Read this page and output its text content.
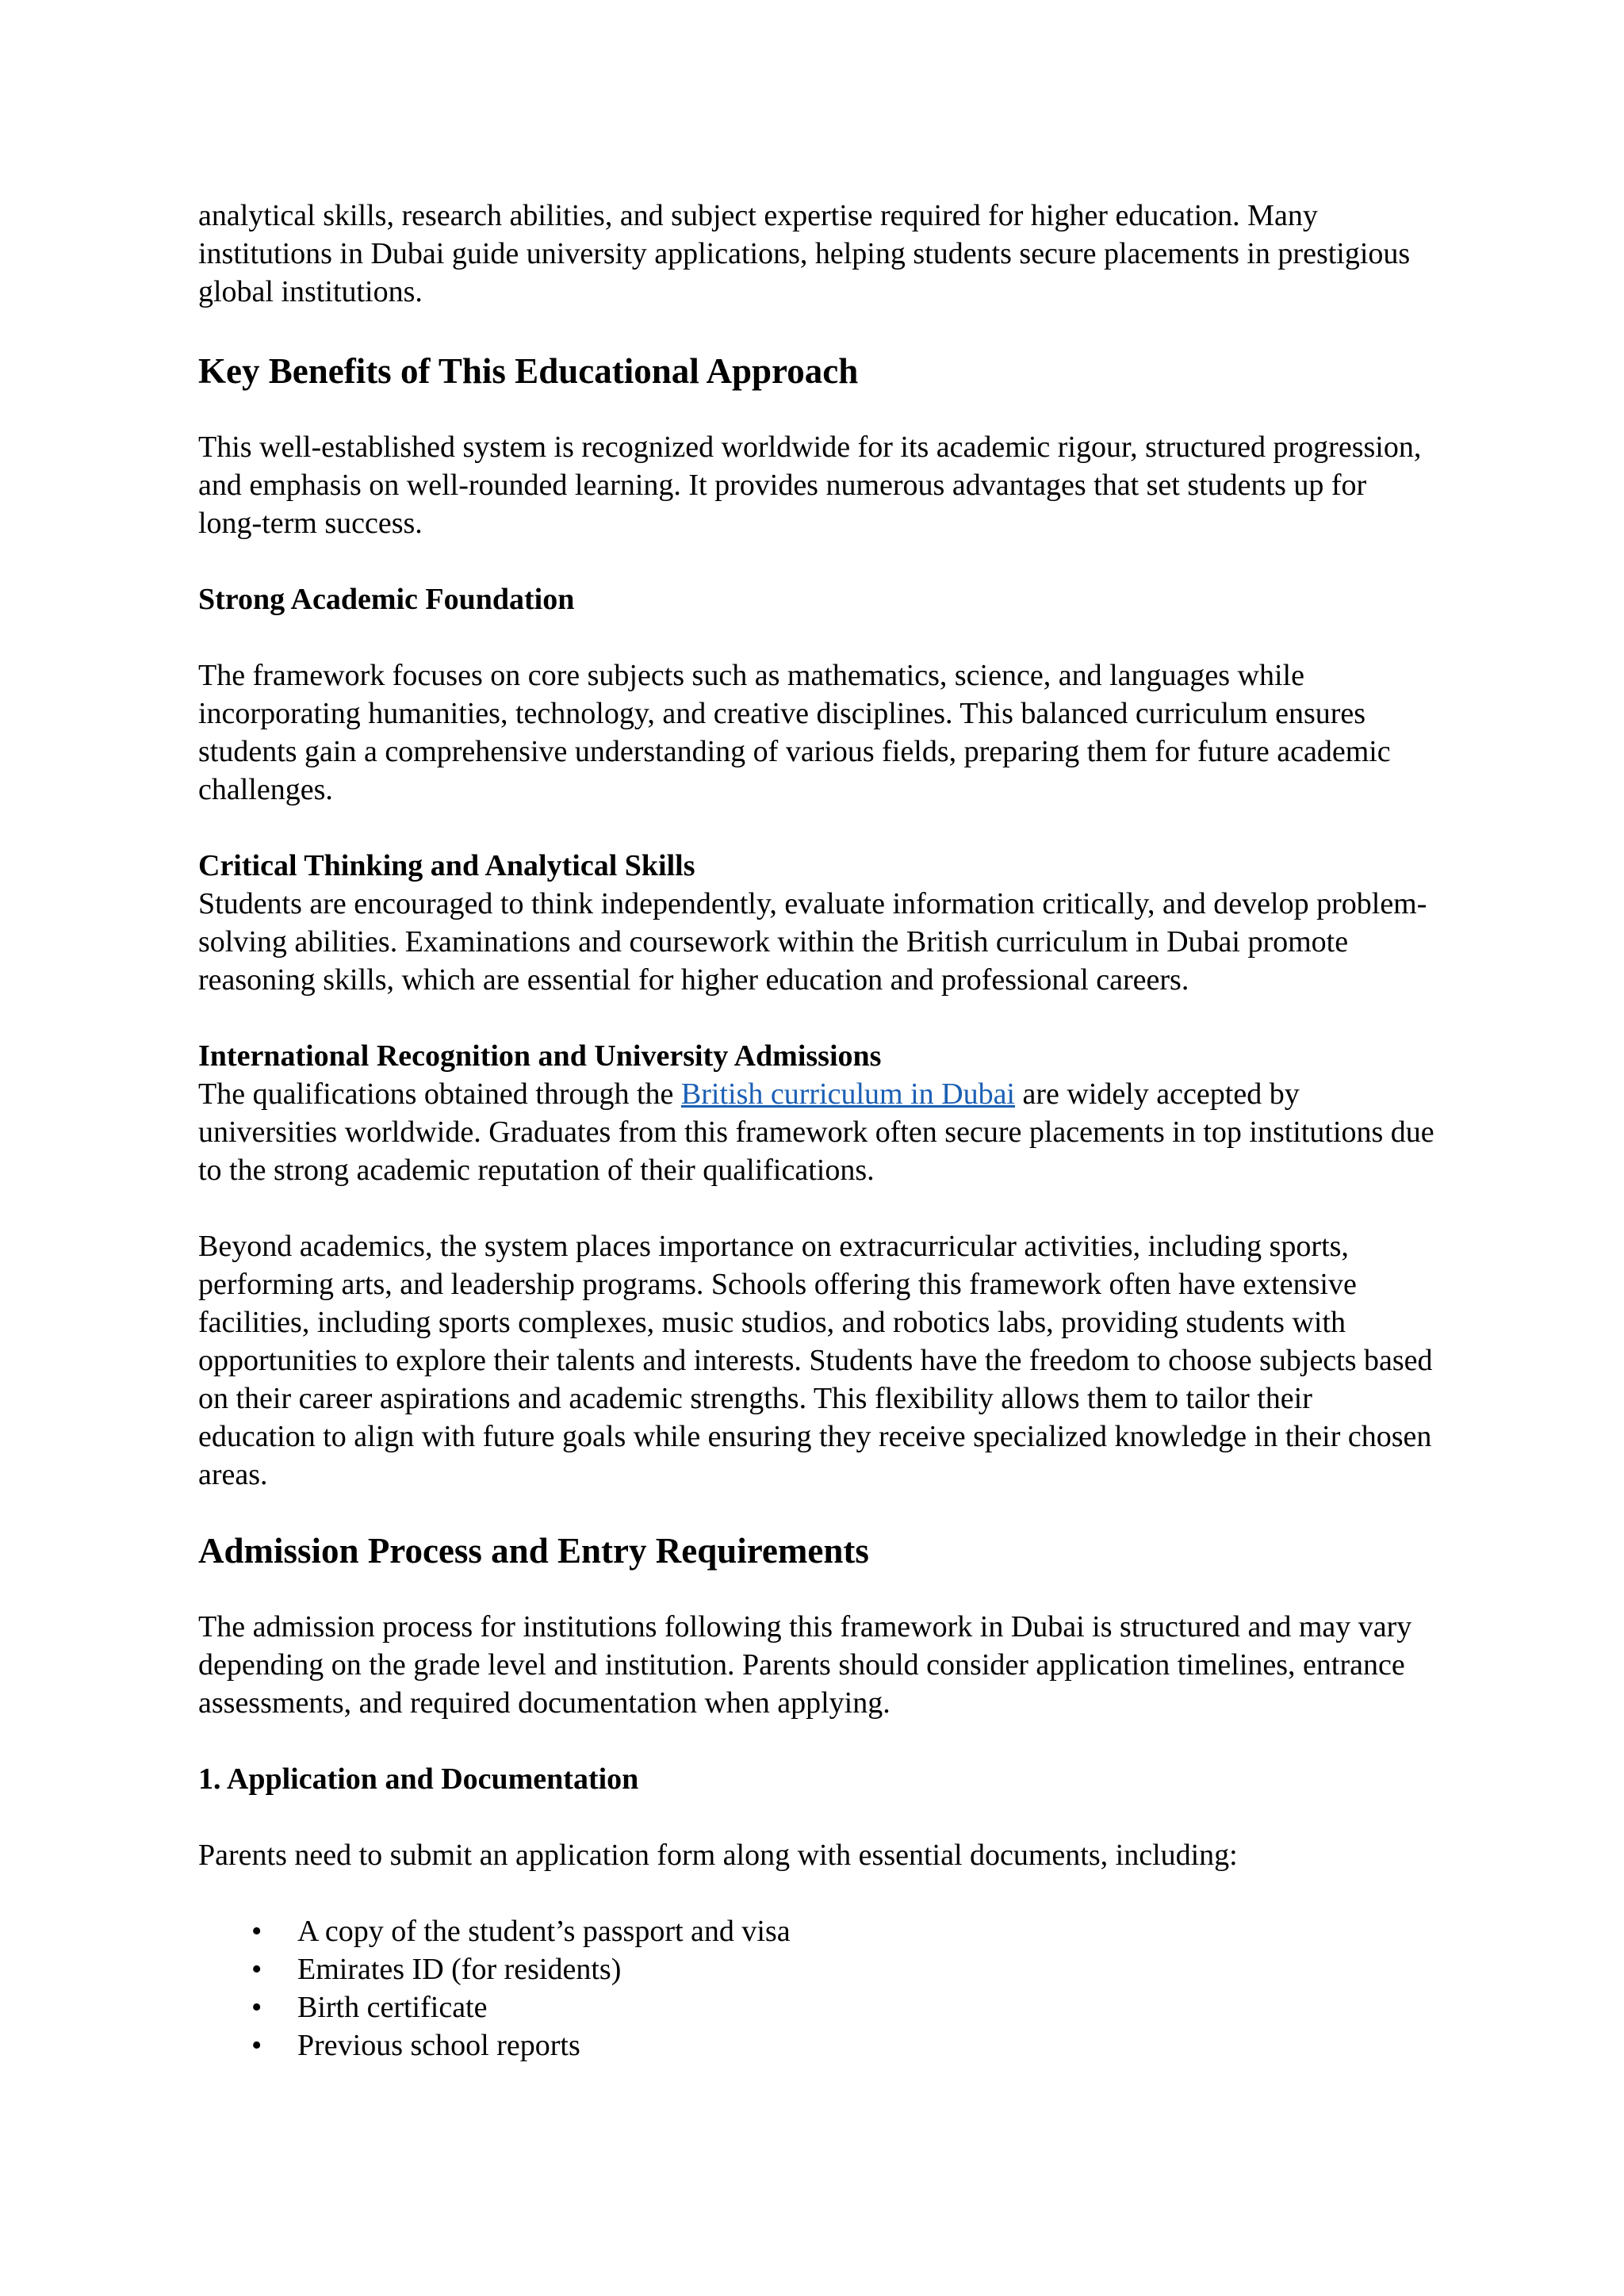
analytical skills, research abilities, and subject expertise required for higher education. Many institutions in Dubai guide university applications, helping students secure placements in prestigious global institutions.

Key Benefits of This Educational Approach

This well-established system is recognized worldwide for its academic rigour, structured progression, and emphasis on well-rounded learning. It provides numerous advantages that set students up for long-term success.

Strong Academic Foundation

The framework focuses on core subjects such as mathematics, science, and languages while incorporating humanities, technology, and creative disciplines. This balanced curriculum ensures students gain a comprehensive understanding of various fields, preparing them for future academic challenges.

Critical Thinking and Analytical Skills

Students are encouraged to think independently, evaluate information critically, and develop problem-solving abilities. Examinations and coursework within the British curriculum in Dubai promote reasoning skills, which are essential for higher education and professional careers.

International Recognition and University Admissions

The qualifications obtained through the British curriculum in Dubai are widely accepted by universities worldwide. Graduates from this framework often secure placements in top institutions due to the strong academic reputation of their qualifications.

Beyond academics, the system places importance on extracurricular activities, including sports, performing arts, and leadership programs. Schools offering this framework often have extensive facilities, including sports complexes, music studios, and robotics labs, providing students with opportunities to explore their talents and interests. Students have the freedom to choose subjects based on their career aspirations and academic strengths. This flexibility allows them to tailor their education to align with future goals while ensuring they receive specialized knowledge in their chosen areas.

Admission Process and Entry Requirements

The admission process for institutions following this framework in Dubai is structured and may vary depending on the grade level and institution. Parents should consider application timelines, entrance assessments, and required documentation when applying.

1. Application and Documentation

Parents need to submit an application form along with essential documents, including:

• A copy of the student’s passport and visa
• Emirates ID (for residents)
• Birth certificate
• Previous school reports
